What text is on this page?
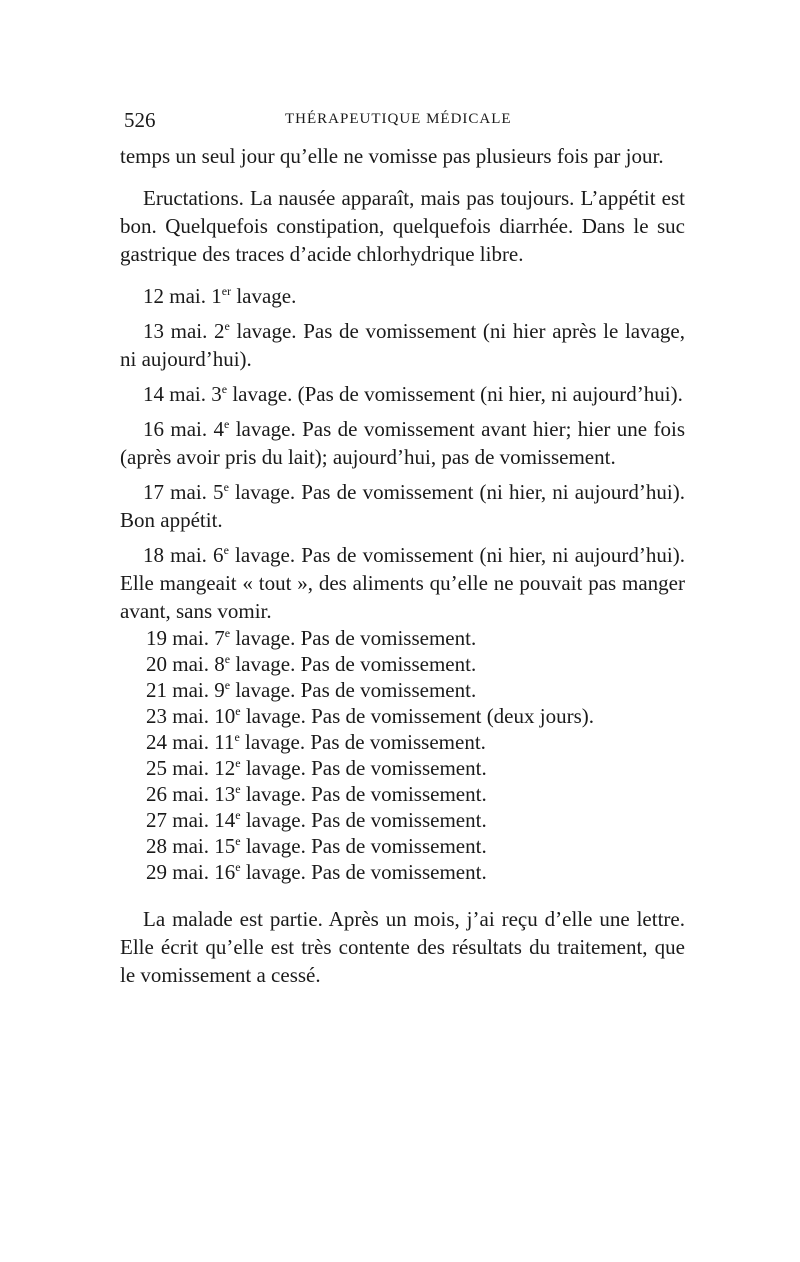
526	THÉRAPEUTIQUE MÉDICALE

temps un seul jour qu’elle ne vomisse pas plusieurs fois par jour.

Eructations. La nausée apparaît, mais pas toujours. L’appétit est bon. Quelquefois constipation, quelquefois diarrhée. Dans le suc gastrique des traces d’acide chlorhydrique libre.

12 mai. 1er lavage.

13 mai. 2e lavage. Pas de vomissement (ni hier après le lavage, ni aujourd’hui).

14 mai. 3e lavage. (Pas de vomissement (ni hier, ni aujourd’hui).

16 mai. 4e lavage. Pas de vomissement avant hier; hier une fois (après avoir pris du lait); aujourd’hui, pas de vomissement.

17 mai. 5e lavage. Pas de vomissement (ni hier, ni aujourd’hui). Bon appétit.

18 mai. 6e lavage. Pas de vomissement (ni hier, ni aujourd’hui). Elle mangeait « tout », des aliments qu’elle ne pouvait pas manger avant, sans vomir.

19 mai. 7e lavage. Pas de vomissement.
20 mai. 8e lavage. Pas de vomissement.
21 mai. 9e lavage. Pas de vomissement.
23 mai. 10e lavage. Pas de vomissement (deux jours).
24 mai. 11e lavage. Pas de vomissement.
25 mai. 12e lavage. Pas de vomissement.
26 mai. 13e lavage. Pas de vomissement.
27 mai. 14e lavage. Pas de vomissement.
28 mai. 15e lavage. Pas de vomissement.
29 mai. 16e lavage. Pas de vomissement.

La malade est partie. Après un mois, j’ai reçu d’elle une lettre. Elle écrit qu’elle est très contente des résultats du traitement, que le vomissement a cessé.
